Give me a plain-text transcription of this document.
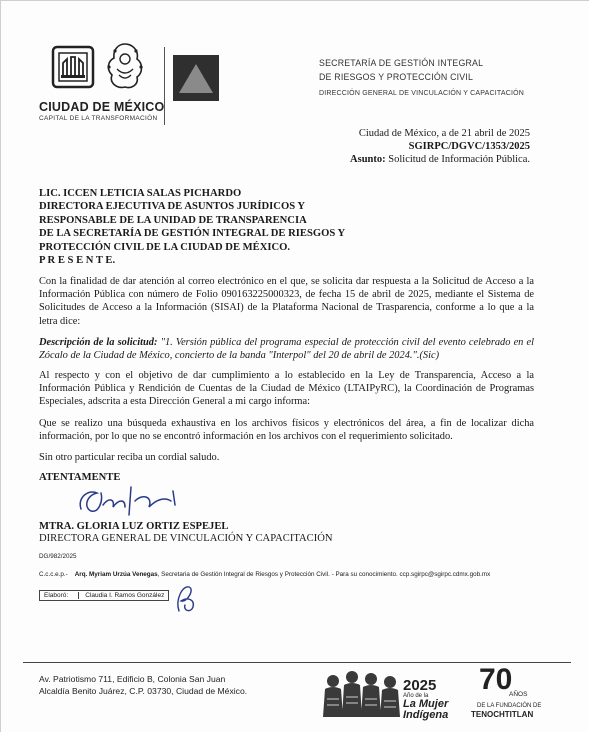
CIUDAD DE MÉXICO
CAPITAL DE LA TRANSFORMACIÓN
SECRETARÍA DE GESTIÓN INTEGRAL
DE RIESGOS Y PROTECCIÓN CIVIL
DIRECCIÓN GENERAL DE VINCULACIÓN Y CAPACITACIÓN
Ciudad de México, a de 21 abril de 2025
SGIRPC/DGVC/1353/2025
Asunto: Solicitud de Información Pública.
LIC. ICCEN LETICIA SALAS PICHARDO
DIRECTORA EJECUTIVA DE ASUNTOS JURÍDICOS Y
RESPONSABLE DE LA UNIDAD DE TRANSPARENCIA
DE LA SECRETARÍA DE GESTIÓN INTEGRAL DE RIESGOS Y
PROTECCIÓN CIVIL DE LA CIUDAD DE MÉXICO.
P R E S E N T E.
Con la finalidad de dar atención al correo electrónico en el que, se solicita dar respuesta a la Solicitud de Acceso a la Información Pública con número de Folio 090163225000323, de fecha 15 de abril de 2025, mediante el Sistema de Solicitudes de Acceso a la Información (SISAI) de la Plataforma Nacional de Trasparencia, conforme a lo que a la letra dice:
Descripción de la solicitud: "1. Versión pública del programa especial de protección civil del evento celebrado en el Zócalo de la Ciudad de México, concierto de la banda "Interpol" del 20 de abril de 2024.".(Sic)
Al respecto y con el objetivo de dar cumplimiento a lo establecido en la Ley de Transparencia, Acceso a la Información Pública y Rendición de Cuentas de la Ciudad de México (LTAIPyRC), la Coordinación de Programas Especiales, adscrita a esta Dirección General a mi cargo informa:
Que se realizo una búsqueda exhaustiva en los archivos físicos y electrónicos del área, a fin de localizar dicha información, por lo que no se encontró información en los archivos con el requerimiento solicitado.
Sin otro particular reciba un cordial saludo.
ATENTAMENTE
MTRA. GLORIA LUZ ORTIZ ESPEJEL
DIRECTORA GENERAL DE VINCULACIÓN Y CAPACITACIÓN
DG/982/2025
C.c.c.e.p.- Arq. Myriam Urzúa Venegas, Secretaria de Gestión Integral de Riesgos y Protección Civil. - Para su conocimiento. ccp.sgirpc@sgirpc.cdmx.gob.mx
Elaboró:	Claudia I. Ramos González
Av. Patriotismo 711, Edificio B, Colonia San Juan
Alcaldía Benito Juárez, C.P. 03730, Ciudad de México.	2025
Año de la
La Mujer
Indígena
70
AÑOS
DE LA FUNDACIÓN DE
TENOCHTITLAN
